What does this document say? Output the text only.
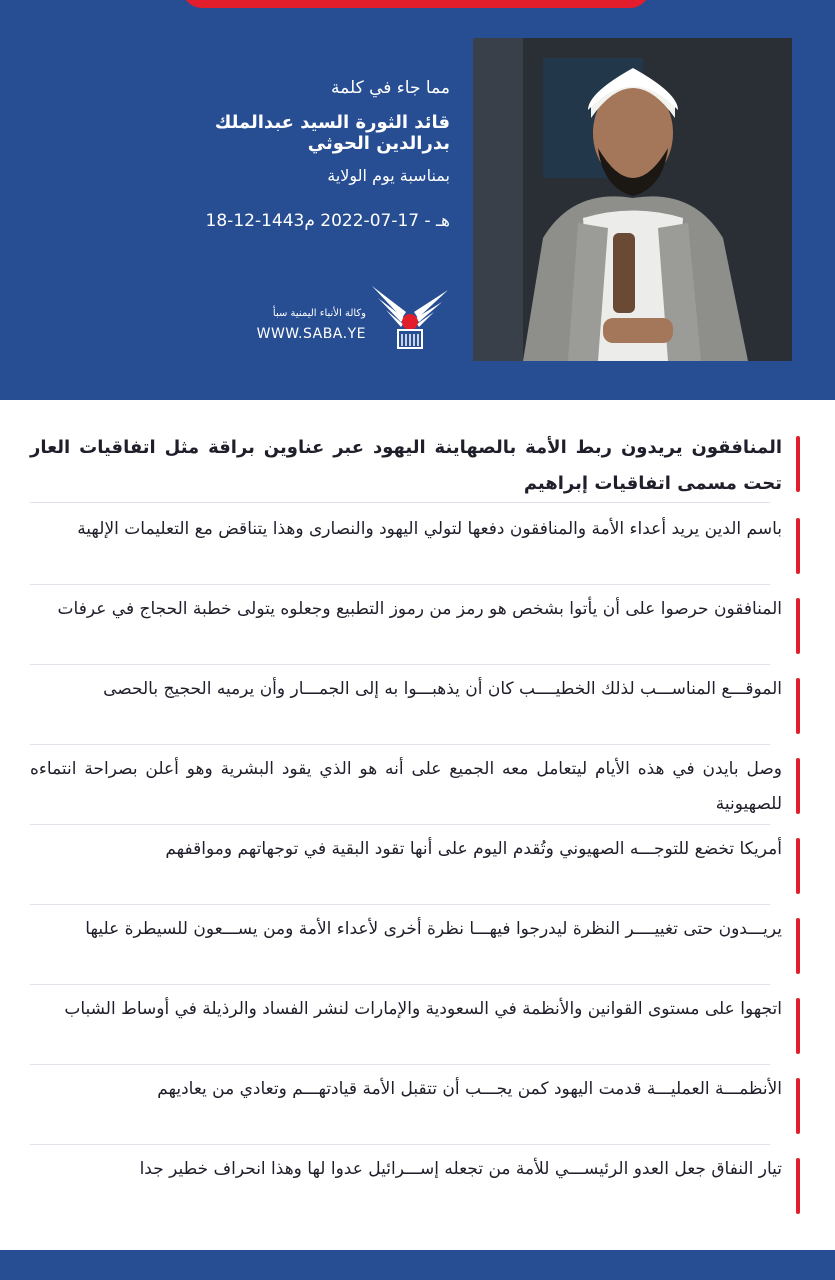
مما جاء في كلمة
قائد الثورة السيد عبدالملك بدرالدين الحوثي
بمناسبة يوم الولاية
18-12-1443هـ - 17-07-2022 م
وكالة الأنباء اليمنية سبأ
WWW.SABA.YE
المنافقون يريدون ربط الأمة بالصهاينة اليهود عبر عناوين براقة مثل اتفاقيات العار تحت مسمى اتفاقيات إبراهيم
باسم الدين يريد أعداء الأمة والمنافقون دفعها لتولي اليهود والنصارى وهذا يتناقض مع التعليمات الإلهية
المنافقون حرصوا على أن يأتوا بشخص هو رمز من رموز التطبيع وجعلوه يتولى خطبة الحجاج في عرفات
الموقـــع المناســـب لذلك الخطيــــب كان أن يذهبـــوا به إلى الجمـــار وأن يرميه الحجيج بالحصى
وصل بايدن في هذه الأيام ليتعامل معه الجميع على أنه هو الذي يقود البشرية وهو أعلن بصراحة انتماءه للصهيونية
أمريكا تخضع للتوجـــه الصهيوني وتُقدم اليوم على أنها تقود البقية في توجهاتهم ومواقفهم
يريـــدون حتى تغييــــر النظرة ليدرجوا فيهـــا نظرة أخرى لأعداء الأمة ومن يســـعون للسيطرة عليها
اتجهوا على مستوى القوانين والأنظمة في السعودية والإمارات لنشر الفساد والرذيلة في أوساط الشباب
الأنظمـــة العمليـــة قدمت اليهود كمن يجـــب أن تتقبل الأمة قيادتهـــم وتعادي من يعاديهم
تيار النفاق جعل العدو الرئيســـي للأمة من تجعله إســـرائيل عدوا لها وهذا انحراف خطير جدا
